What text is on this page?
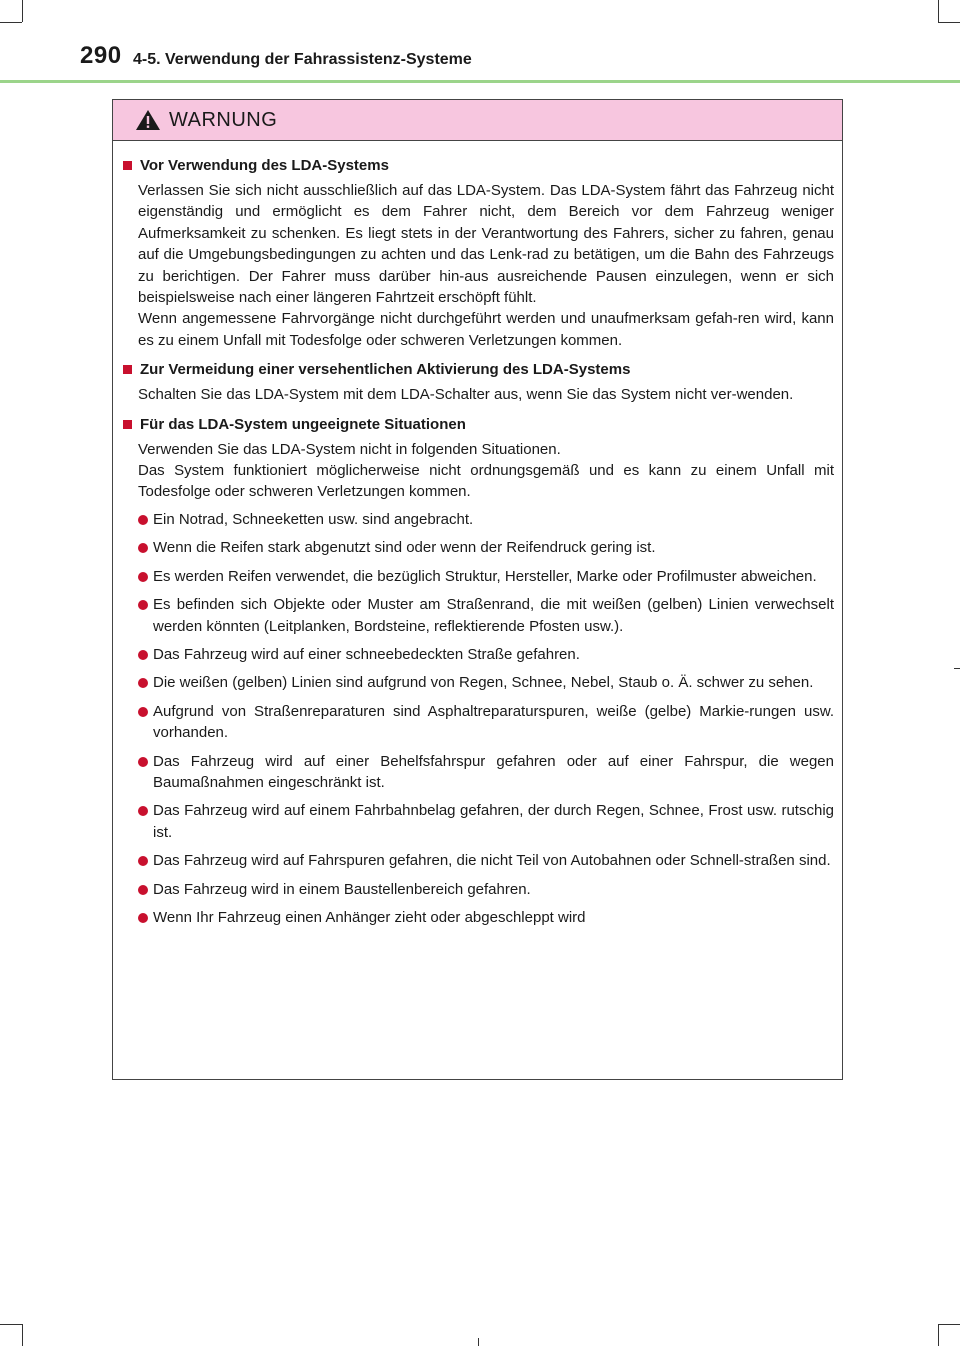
290 4-5. Verwendung der Fahrassistenz-Systeme
WARNUNG
Vor Verwendung des LDA-Systems
Verlassen Sie sich nicht ausschließlich auf das LDA-System. Das LDA-System fährt das Fahrzeug nicht eigenständig und ermöglicht es dem Fahrer nicht, dem Bereich vor dem Fahrzeug weniger Aufmerksamkeit zu schenken. Es liegt stets in der Verantwortung des Fahrers, sicher zu fahren, genau auf die Umgebungsbedingungen zu achten und das Lenk-rad zu betätigen, um die Bahn des Fahrzeugs zu berichtigen. Der Fahrer muss darüber hin-aus ausreichende Pausen einzulegen, wenn er sich beispielsweise nach einer längeren Fahrtzeit erschöpft fühlt.
Wenn angemessene Fahrvorgänge nicht durchgeführt werden und unaufmerksam gefah-ren wird, kann es zu einem Unfall mit Todesfolge oder schweren Verletzungen kommen.
Zur Vermeidung einer versehentlichen Aktivierung des LDA-Systems
Schalten Sie das LDA-System mit dem LDA-Schalter aus, wenn Sie das System nicht ver-wenden.
Für das LDA-System ungeeignete Situationen
Verwenden Sie das LDA-System nicht in folgenden Situationen.
Das System funktioniert möglicherweise nicht ordnungsgemäß und es kann zu einem Unfall mit Todesfolge oder schweren Verletzungen kommen.
Ein Notrad, Schneeketten usw. sind angebracht.
Wenn die Reifen stark abgenutzt sind oder wenn der Reifendruck gering ist.
Es werden Reifen verwendet, die bezüglich Struktur, Hersteller, Marke oder Profilmuster abweichen.
Es befinden sich Objekte oder Muster am Straßenrand, die mit weißen (gelben) Linien verwechselt werden könnten (Leitplanken, Bordsteine, reflektierende Pfosten usw.).
Das Fahrzeug wird auf einer schneebedeckten Straße gefahren.
Die weißen (gelben) Linien sind aufgrund von Regen, Schnee, Nebel, Staub o. Ä. schwer zu sehen.
Aufgrund von Straßenreparaturen sind Asphaltreparaturspuren, weiße (gelbe) Markie-rungen usw. vorhanden.
Das Fahrzeug wird auf einer Behelfsfahrspur gefahren oder auf einer Fahrspur, die wegen Baumaßnahmen eingeschränkt ist.
Das Fahrzeug wird auf einem Fahrbahnbelag gefahren, der durch Regen, Schnee, Frost usw. rutschig ist.
Das Fahrzeug wird auf Fahrspuren gefahren, die nicht Teil von Autobahnen oder Schnell-straßen sind.
Das Fahrzeug wird in einem Baustellenbereich gefahren.
Wenn Ihr Fahrzeug einen Anhänger zieht oder abgeschleppt wird
